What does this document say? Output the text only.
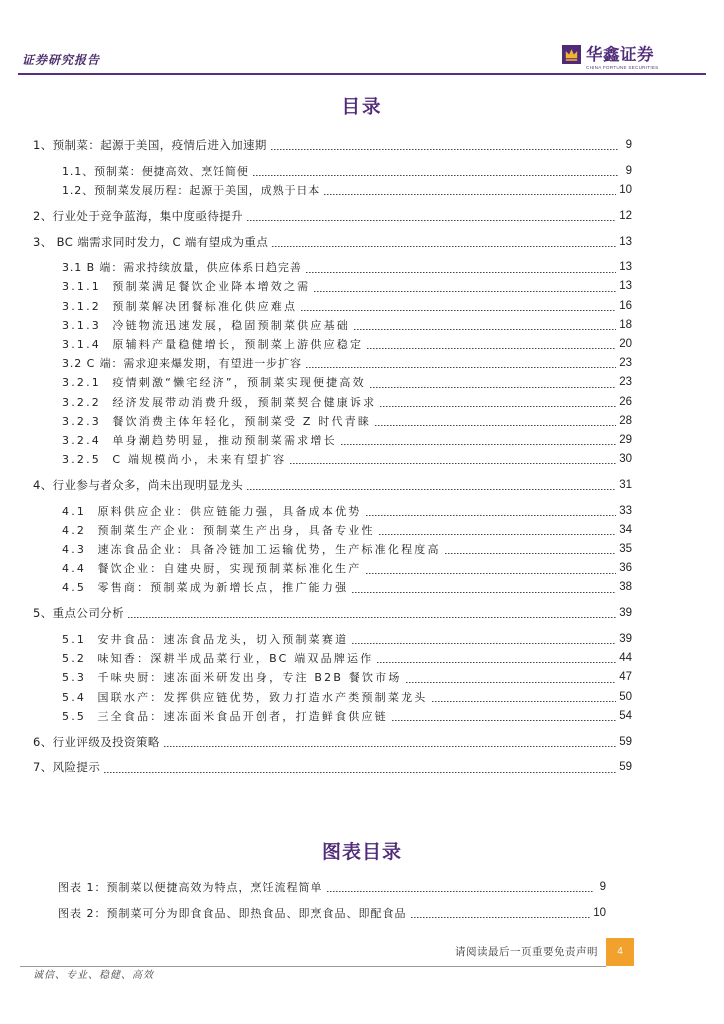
证券研究报告	华鑫证券
CHINA FORTUNE SECURITIES
目录
1、预制菜：起源于美国，疫情后进入加速期	9
1.1、预制菜：便捷高效、烹饪简便	9
1.2、预制菜发展历程：起源于美国，成熟于日本	10
2、行业处于竞争蓝海，集中度亟待提升	12
3、 BC 端需求同时发力，C 端有望成为重点	13
3.1 B 端：需求持续放量，供应体系日趋完善	13
3.1.1  预制菜满足餐饮企业降本增效之需	13
3.1.2  预制菜解决团餐标准化供应难点	16
3.1.3  冷链物流迅速发展，稳固预制菜供应基础	18
3.1.4  原辅料产量稳健增长，预制菜上游供应稳定	20
3.2 C 端：需求迎来爆发期，有望进一步扩容	23
3.2.1  疫情刺激“懒宅经济”，预制菜实现便捷高效	23
3.2.2  经济发展带动消费升级，预制菜契合健康诉求	26
3.2.3  餐饮消费主体年轻化，预制菜受 Z 时代青睐	28
3.2.4  单身潮趋势明显，推动预制菜需求增长	29
3.2.5  C 端规模尚小，未来有望扩容	30
4、行业参与者众多，尚未出现明显龙头	31
4.1  原料供应企业：供应链能力强，具备成本优势	33
4.2  预制菜生产企业：预制菜生产出身，具备专业性	34
4.3  速冻食品企业：具备冷链加工运输优势，生产标准化程度高	35
4.4  餐饮企业：自建央厨，实现预制菜标准化生产	36
4.5  零售商：预制菜成为新增长点，推广能力强	38
5、重点公司分析	39
5.1  安井食品：速冻食品龙头，切入预制菜赛道	39
5.2  味知香：深耕半成品菜行业，BC 端双品牌运作	44
5.3  千味央厨：速冻面米研发出身，专注 B2B 餐饮市场	47
5.4  国联水产：发挥供应链优势，致力打造水产类预制菜龙头	50
5.5  三全食品：速冻面米食品开创者，打造鲜食供应链	54
6、行业评级及投资策略	59
7、风险提示	59
图表目录
图表 1：预制菜以便捷高效为特点，烹饪流程简单	9
图表 2：预制菜可分为即食食品、即热食品、即烹食品、即配食品	10
请阅读最后一页重要免责声明	4
诚信、专业、稳健、高效
